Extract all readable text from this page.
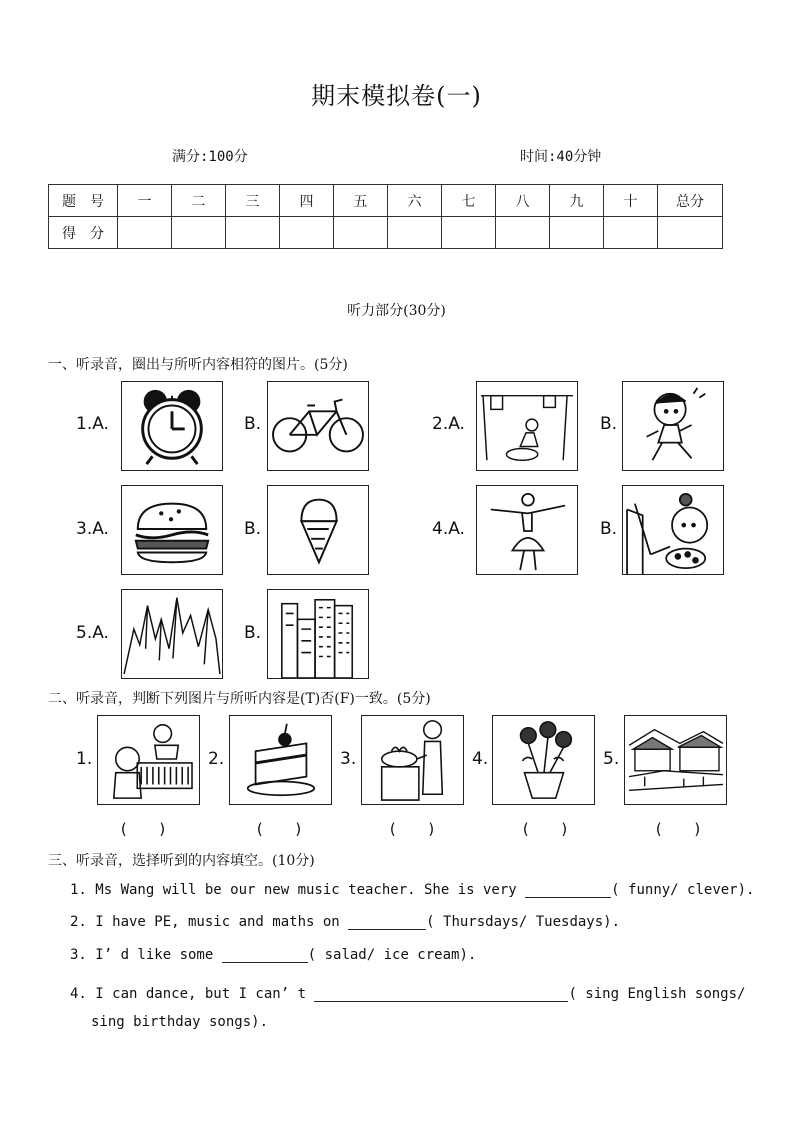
期末模拟卷(一)
满分:100分	时间:40分钟
题　号	一	二	三	四	五	六	七	八	九	十	总分
得　分											
听力部分(30分)
一、听录音，圈出与所听内容相符的图片。(5分)
1.A.	B.	2.A.	B.
3.A.	B.	4.A.	B.
5.A.	B.
二、听录音，判断下列图片与所听内容是(T)否(F)一致。(5分)
1.	2.	3.	4.	5.
(　　)	(　　)	(　　)	(　　)	(　　)
三、听录音，选择听到的内容填空。(10分)
1. Ms Wang will be our new music teacher. She is very	( funny/ clever).
2. I have PE, music and maths on	( Thursdays/ Tuesdays).
3. I’ d like some	( salad/ ice cream).
4. I can dance, but I can’ t	( sing English songs/
sing birthday songs).
